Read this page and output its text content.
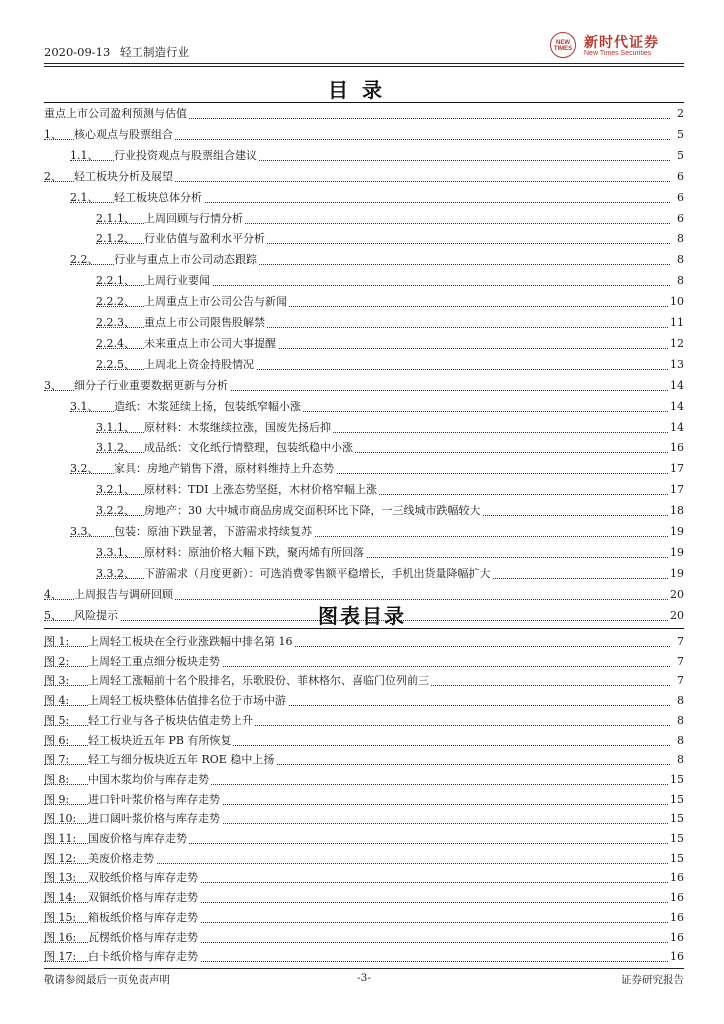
2020-09-13 轻工制造行业
NEW TIMES 新时代证券
New Times Securities
目录
重点上市公司盈利预测与估值	2
1、 核心观点与股票组合	5
1.1、 行业投资观点与股票组合建议	5
2、 轻工板块分析及展望	6
2.1、 轻工板块总体分析	6
2.1.1、 上周回顾与行情分析	6
2.1.2、 行业估值与盈利水平分析	8
2.2、 行业与重点上市公司动态跟踪	8
2.2.1、 上周行业要闻	8
2.2.2、 上周重点上市公司公告与新闻	10
2.2.3、 重点上市公司限售股解禁	11
2.2.4、 未来重点上市公司大事提醒	12
2.2.5、 上周北上资金持股情况	13
3、 细分子行业重要数据更新与分析	14
3.1、 造纸：木浆延续上扬，包装纸窄幅小涨	14
3.1.1、 原材料：木浆继续拉涨，国废先扬后抑	14
3.1.2、 成品纸：文化纸行情整理，包装纸稳中小涨	16
3.2、 家具：房地产销售下滑，原材料维持上升态势	17
3.2.1、 原材料：TDI 上涨态势坚挺，木材价格窄幅上涨	17
3.2.2、 房地产：30 大中城市商品房成交面积环比下降，一三线城市跌幅较大	18
3.3、 包装：原油下跌显著，下游需求持续复苏	19
3.3.1、 原材料：原油价格大幅下跌，聚丙烯有所回落	19
3.3.2、 下游需求（月度更新）：可选消费零售额平稳增长，手机出货量降幅扩大	19
4、 上周报告与调研回顾	20
5、 风险提示	20
图表目录
图 1: 上周轻工板块在全行业涨跌幅中排名第 16	7
图 2: 上周轻工重点细分板块走势	7
图 3: 上周轻工涨幅前十名个股排名，乐歌股份、菲林格尔、喜临门位列前三	7
图 4: 上周轻工板块整体估值排名位于市场中游	8
图 5: 轻工行业与各子板块估值走势上升	8
图 6: 轻工板块近五年 PB 有所恢复	8
图 7: 轻工与细分板块近五年 ROE 稳中上扬	8
图 8: 中国木浆均价与库存走势	15
图 9: 进口针叶浆价格与库存走势	15
图 10: 进口阔叶浆价格与库存走势	15
图 11: 国废价格与库存走势	15
图 12: 美废价格走势	15
图 13: 双胶纸价格与库存走势	16
图 14: 双铜纸价格与库存走势	16
图 15: 箱板纸价格与库存走势	16
图 16: 瓦楞纸价格与库存走势	16
图 17: 白卡纸价格与库存走势	16
敬请参阅最后一页免责声明	-3-	证券研究报告
